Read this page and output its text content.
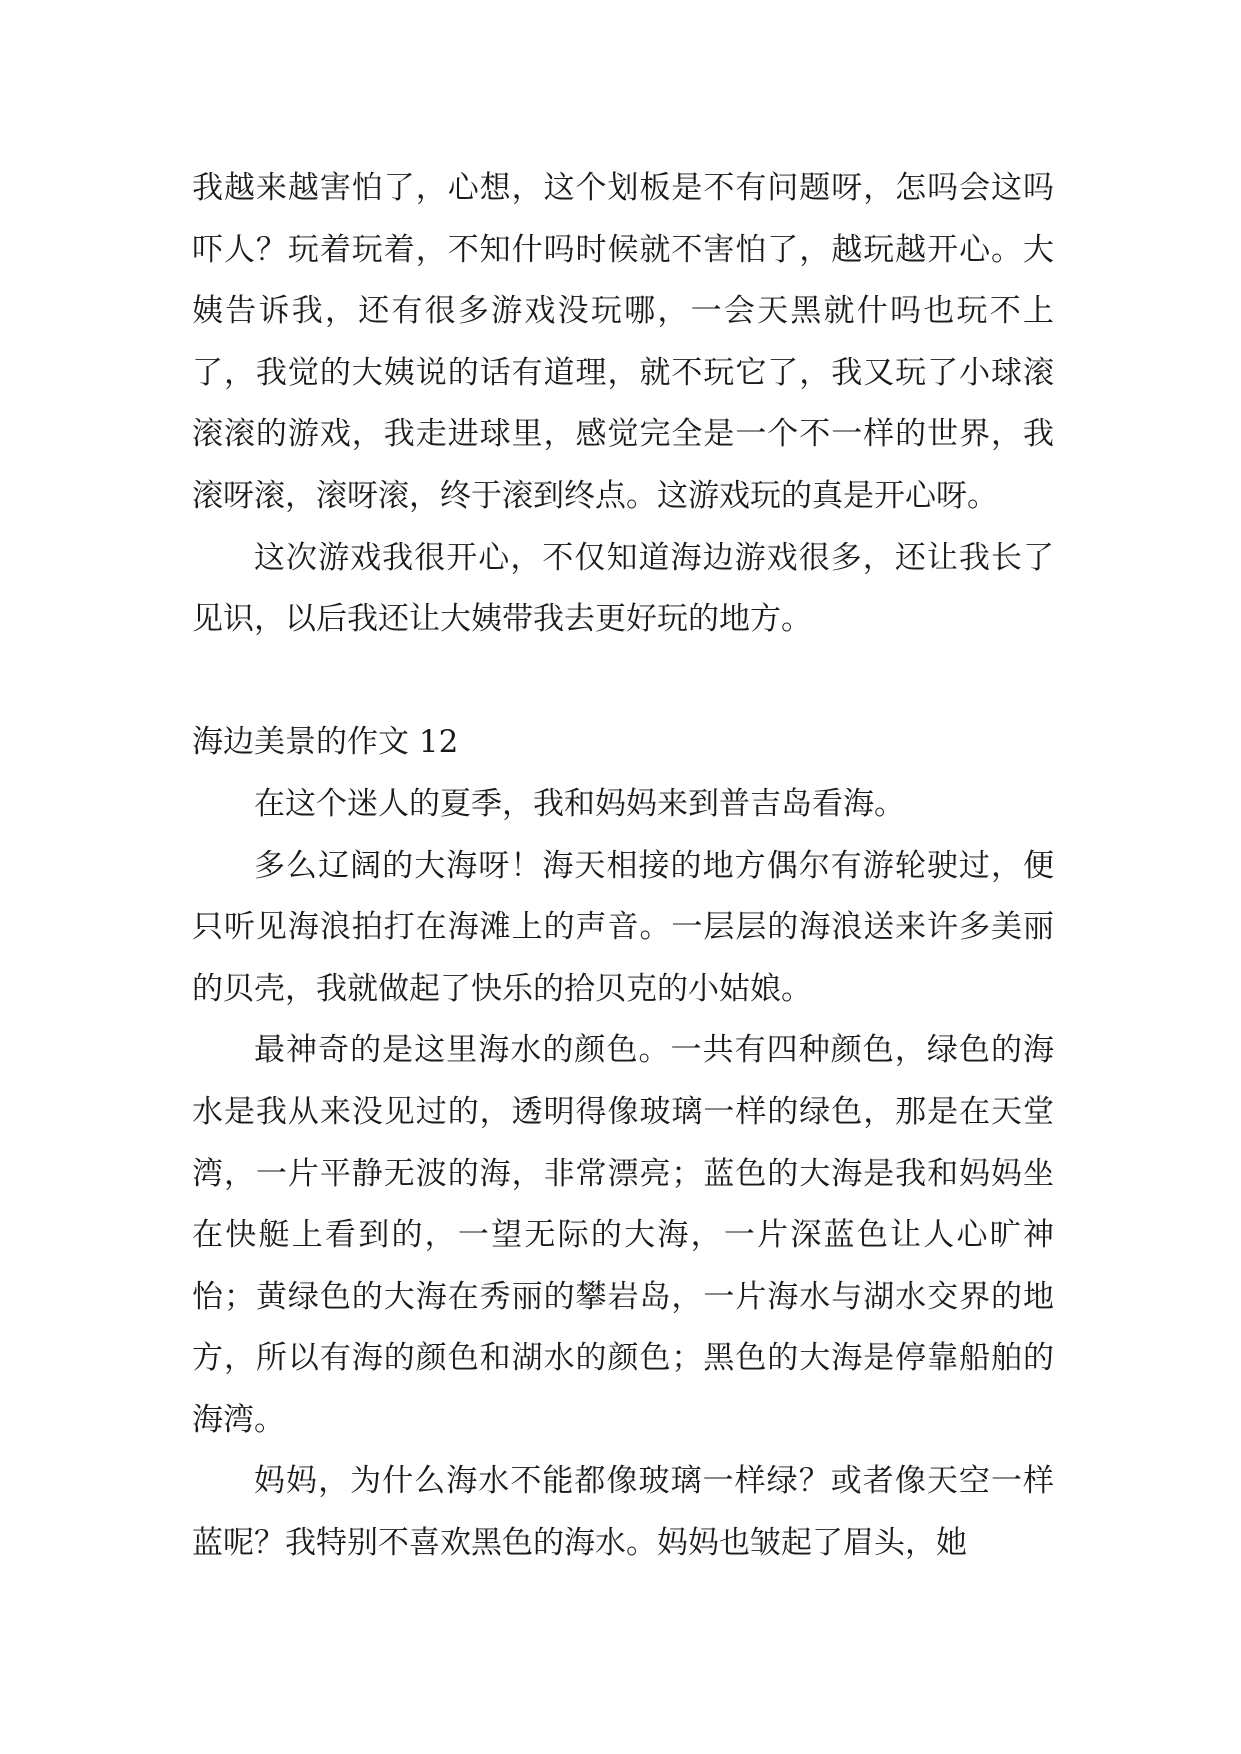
我越来越害怕了，心想，这个划板是不有问题呀，怎吗会这吗吓人？玩着玩着，不知什吗时候就不害怕了，越玩越开心。大姨告诉我，还有很多游戏没玩哪，一会天黑就什吗也玩不上了，我觉的大姨说的话有道理，就不玩它了，我又玩了小球滚滚滚的游戏，我走进球里，感觉完全是一个不一样的世界，我滚呀滚，滚呀滚，终于滚到终点。这游戏玩的真是开心呀。

这次游戏我很开心，不仅知道海边游戏很多，还让我长了见识，以后我还让大姨带我去更好玩的地方。

海边美景的作文 12

在这个迷人的夏季，我和妈妈来到普吉岛看海。

多么辽阔的大海呀！海天相接的地方偶尔有游轮驶过，便只听见海浪拍打在海滩上的声音。一层层的海浪送来许多美丽的贝壳，我就做起了快乐的拾贝克的小姑娘。

最神奇的是这里海水的颜色。一共有四种颜色，绿色的海水是我从来没见过的，透明得像玻璃一样的绿色，那是在天堂湾，一片平静无波的海，非常漂亮；蓝色的大海是我和妈妈坐在快艇上看到的，一望无际的大海，一片深蓝色让人心旷神怡；黄绿色的大海在秀丽的攀岩岛，一片海水与湖水交界的地方，所以有海的颜色和湖水的颜色；黑色的大海是停靠船舶的海湾。

妈妈，为什么海水不能都像玻璃一样绿？或者像天空一样蓝呢？我特别不喜欢黑色的海水。妈妈也皱起了眉头，她
